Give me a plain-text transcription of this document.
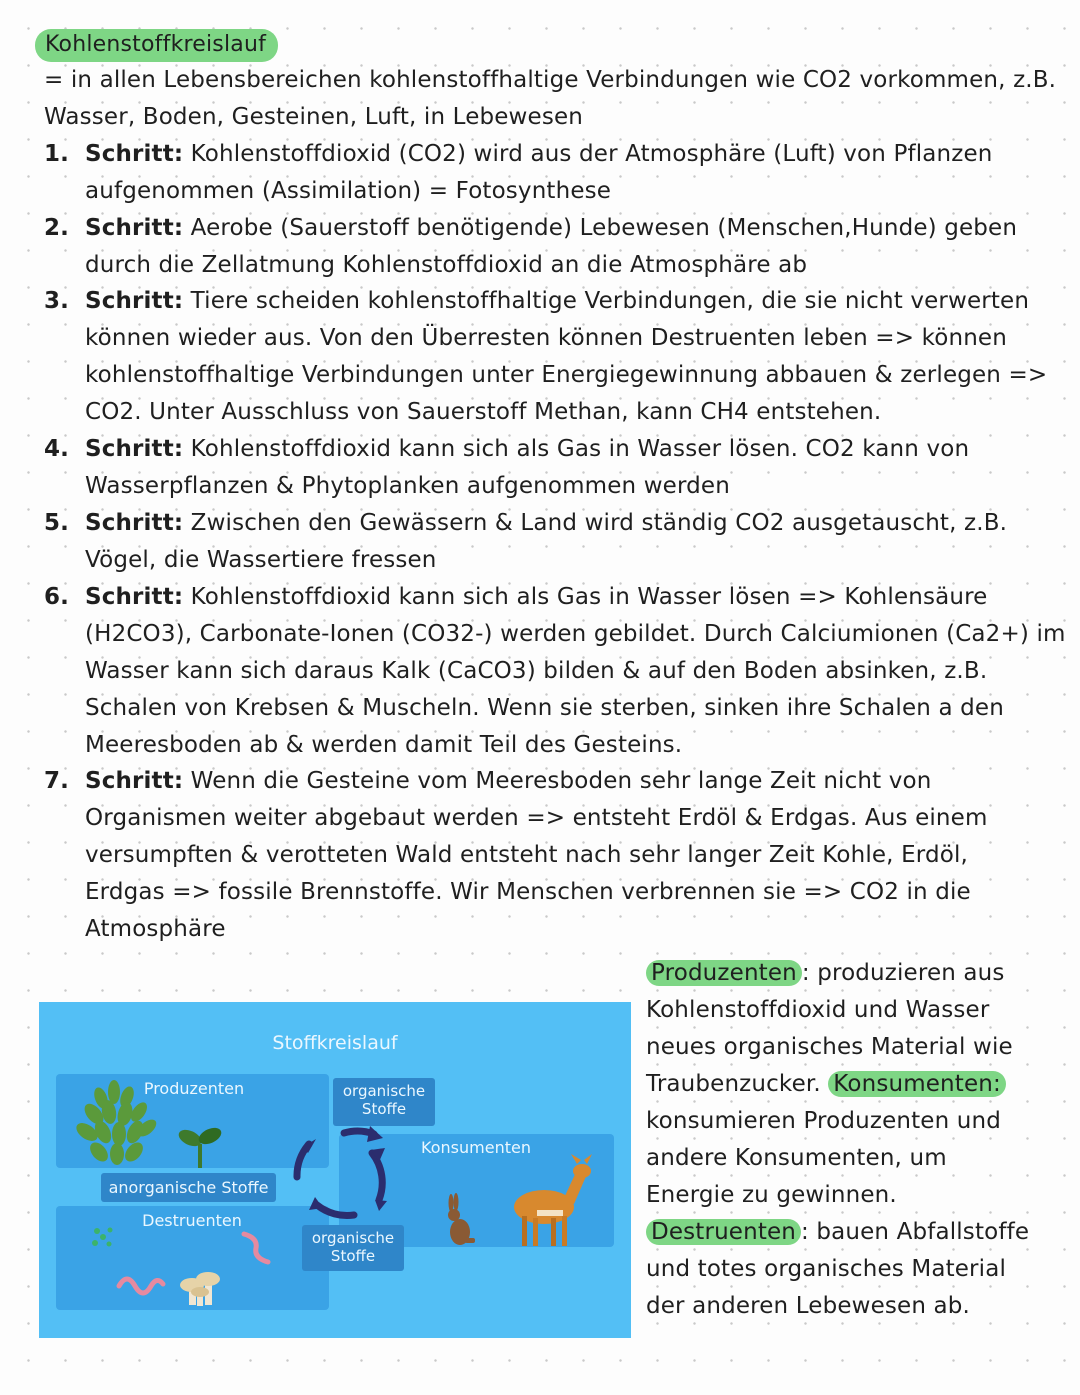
Kohlenstoffkreislauf
= in allen Lebensbereichen kohlenstoffhaltige Verbindungen wie CO2 vorkommen, z.B.
Wasser, Boden, Gesteinen, Luft, in Lebewesen
1. Schritt: Kohlenstoffdioxid (CO2) wird aus der Atmosphäre (Luft) von Pflanzen
aufgenommen (Assimilation) = Fotosynthese
2. Schritt: Aerobe (Sauerstoff benötigende) Lebewesen (Menschen,Hunde) geben
durch die Zellatmung Kohlenstoffdioxid an die Atmosphäre ab
3. Schritt: Tiere scheiden kohlenstoffhaltige Verbindungen, die sie nicht verwerten
können wieder aus. Von den Überresten können Destruenten leben => können
kohlenstoffhaltige Verbindungen unter Energiegewinnung abbauen & zerlegen =>
CO2. Unter Ausschluss von Sauerstoff Methan, kann CH4 entstehen.
4. Schritt: Kohlenstoffdioxid kann sich als Gas in Wasser lösen. CO2 kann von
Wasserpflanzen & Phytoplanken aufgenommen werden
5. Schritt: Zwischen den Gewässern & Land wird ständig CO2 ausgetauscht, z.B.
Vögel, die Wassertiere fressen
6. Schritt: Kohlenstoffdioxid kann sich als Gas in Wasser lösen => Kohlensäure
(H2CO3), Carbonate-Ionen (CO32-) werden gebildet. Durch Calciumionen (Ca2+) im
Wasser kann sich daraus Kalk (CaCO3) bilden & auf den Boden absinken, z.B.
Schalen von Krebsen & Muscheln. Wenn sie sterben, sinken ihre Schalen a den
Meeresboden ab & werden damit Teil des Gesteins.
7. Schritt: Wenn die Gesteine vom Meeresboden sehr lange Zeit nicht von
Organismen weiter abgebaut werden => entsteht Erdöl & Erdgas. Aus einem
versumpften & verotteten Wald entsteht nach sehr langer Zeit Kohle, Erdöl,
Erdgas => fossile Brennstoffe. Wir Menschen verbrennen sie => CO2 in die
Atmosphäre
Stoffkreislauf
Produzenten
Konsumenten
Destruenten
organische
Stoffe
organische
Stoffe
anorganische Stoffe
Produzenten : produzieren aus
Kohlenstoffdioxid und Wasser
neues organisches Material wie
Traubenzucker. Konsumenten:
konsumieren Produzenten und
andere Konsumenten, um
Energie zu gewinnen.
Destruenten : bauen Abfallstoffe
und totes organisches Material
der anderen Lebewesen ab.
